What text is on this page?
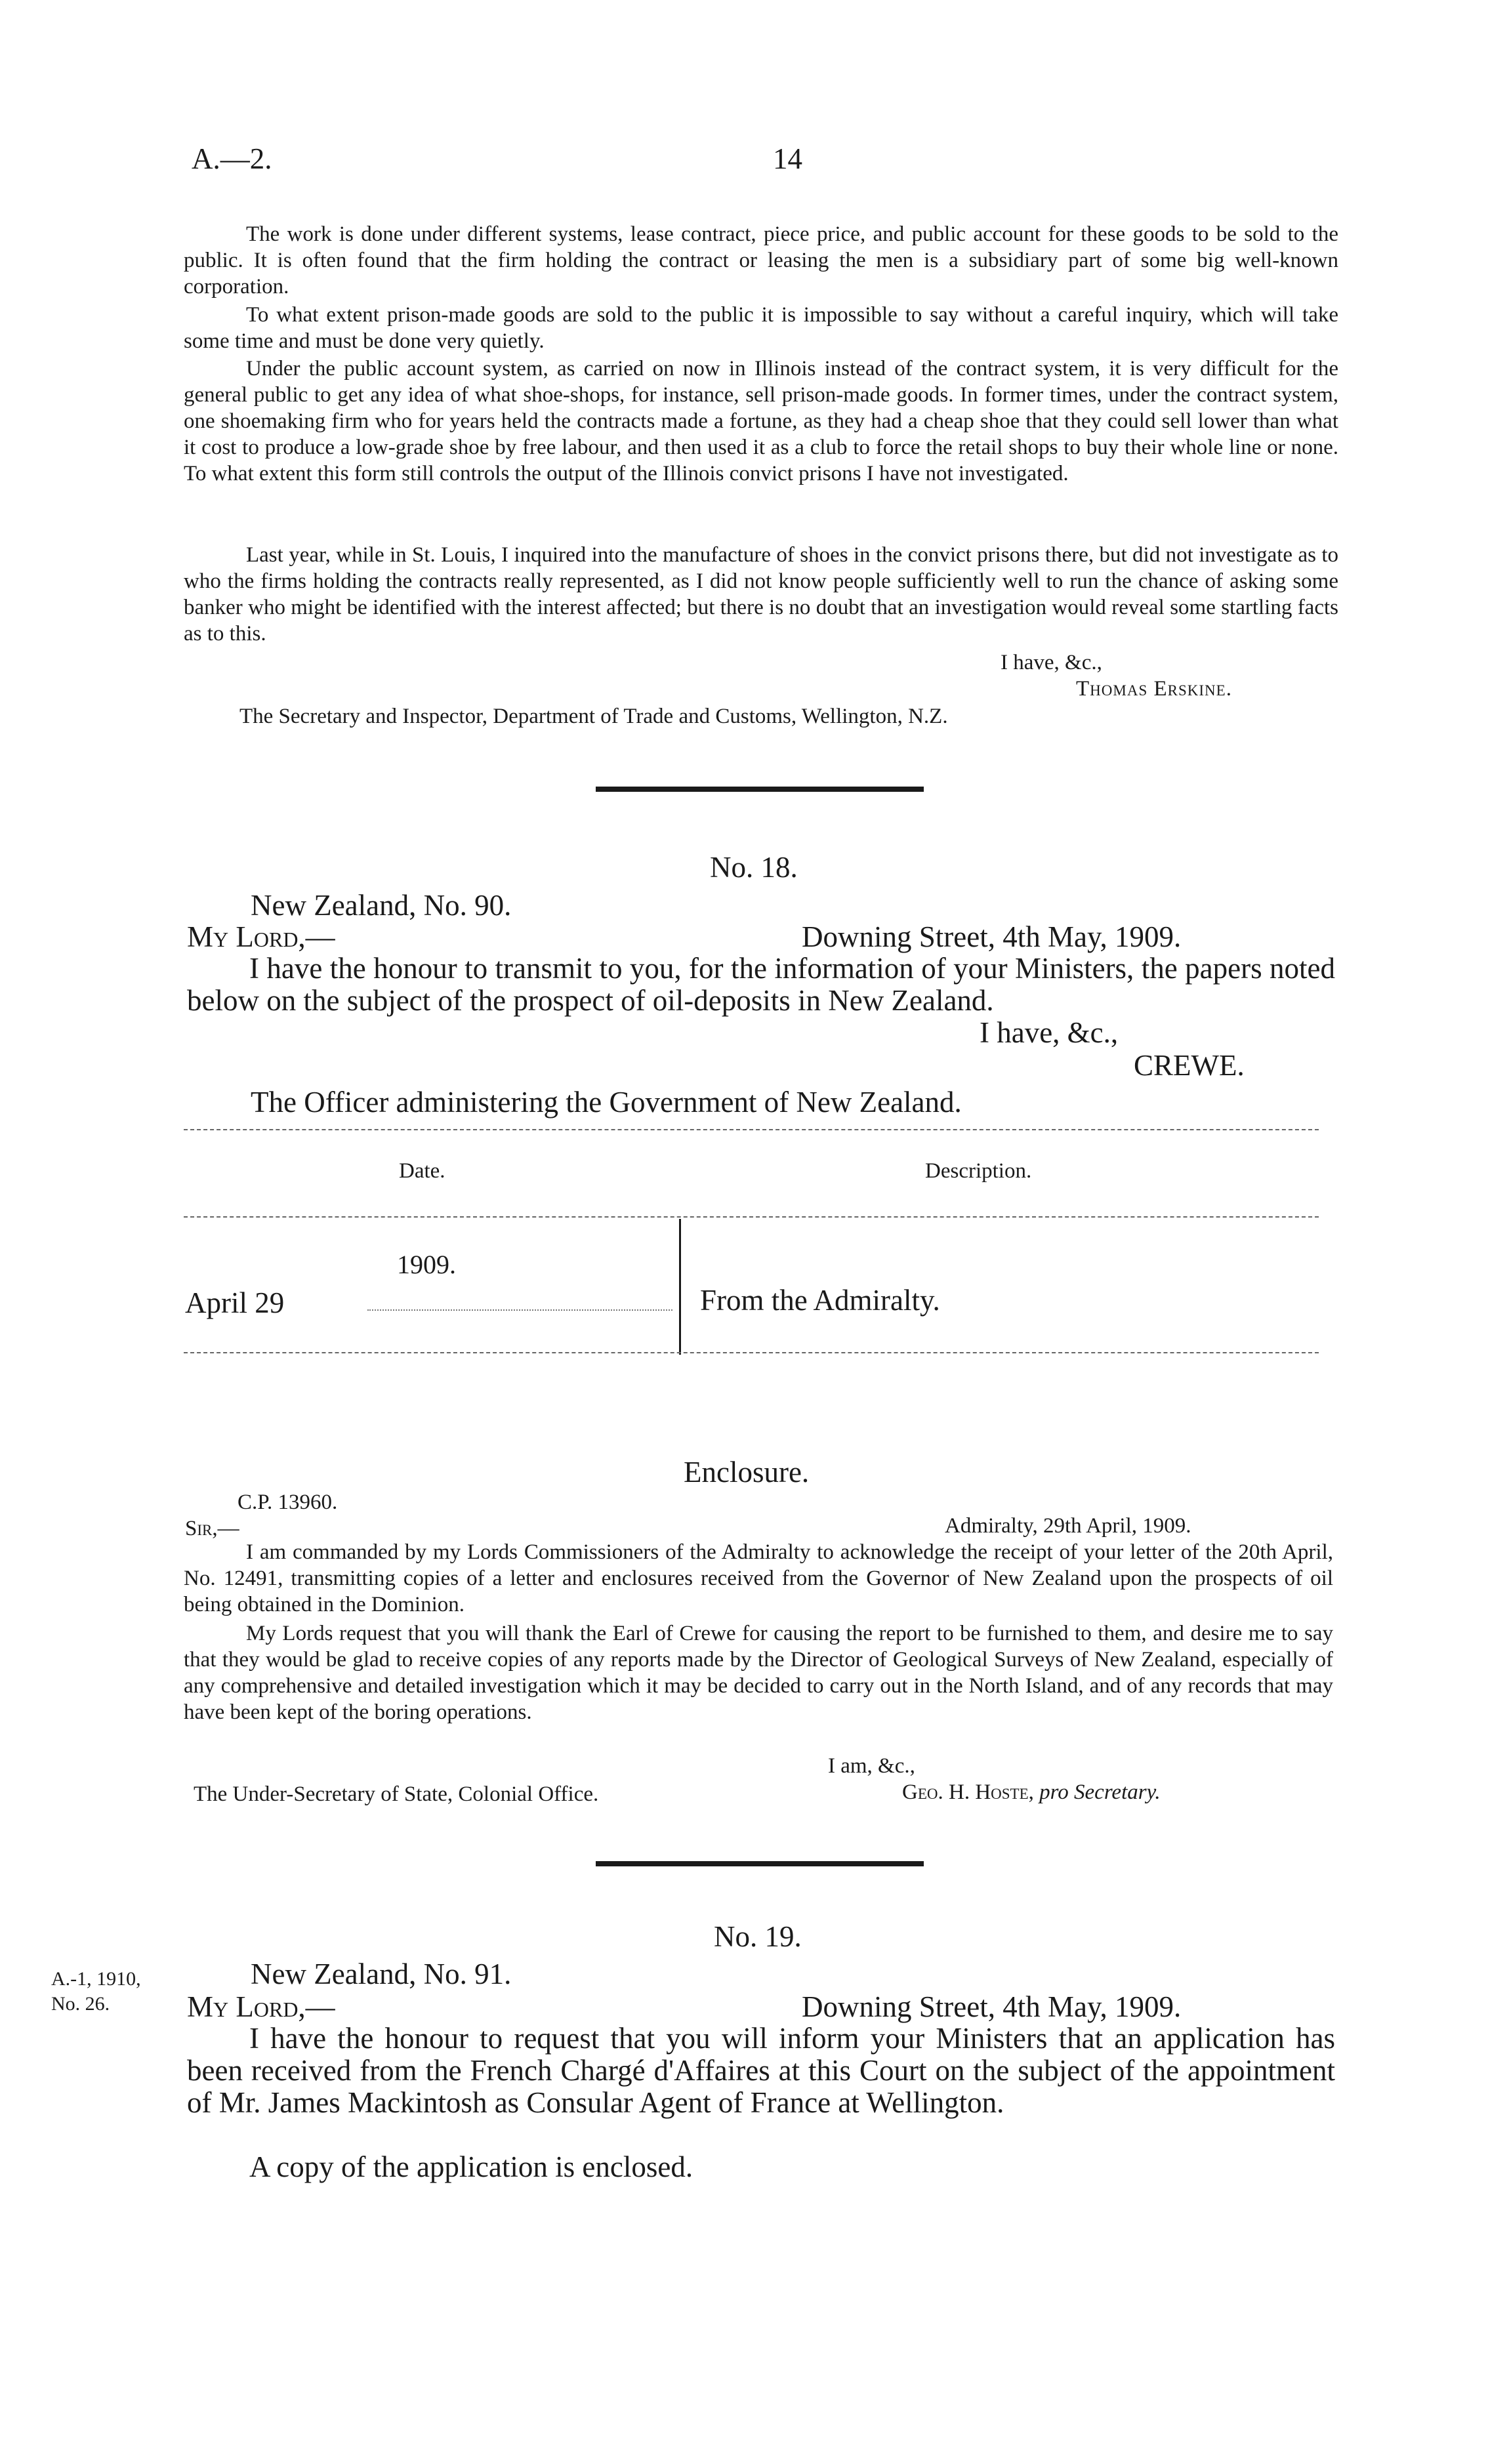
A.—2.	14
The work is done under different systems, lease contract, piece price, and public account for these goods to be sold to the public. It is often found that the firm holding the contract or leasing the men is a subsidiary part of some big well-known corporation.
To what extent prison-made goods are sold to the public it is impossible to say without a careful inquiry, which will take some time and must be done very quietly.
Under the public account system, as carried on now in Illinois instead of the contract system, it is very difficult for the general public to get any idea of what shoe-shops, for instance, sell prison-made goods. In former times, under the contract system, one shoemaking firm who for years held the contracts made a fortune, as they had a cheap shoe that they could sell lower than what it cost to produce a low-grade shoe by free labour, and then used it as a club to force the retail shops to buy their whole line or none. To what extent this form still controls the output of the Illinois convict prisons I have not investigated.
Last year, while in St. Louis, I inquired into the manufacture of shoes in the convict prisons there, but did not investigate as to who the firms holding the contracts really represented, as I did not know people sufficiently well to run the chance of asking some banker who might be identified with the interest affected; but there is no doubt that an investigation would reveal some startling facts as to this.
I have, &c.,
Thomas Erskine.
The Secretary and Inspector, Department of Trade and Customs, Wellington, N.Z.
No. 18.
New Zealand, No. 90.
My Lord,—	Downing Street, 4th May, 1909.
I have the honour to transmit to you, for the information of your Ministers, the papers noted below on the subject of the prospect of oil-deposits in New Zealand.
I have, &c.,
CREWE.
The Officer administering the Government of New Zealand.
Date.	Description.
1909.
April 29	From the Admiralty.
Enclosure.
C.P. 13960.
Sir,—	Admiralty, 29th April, 1909.
I am commanded by my Lords Commissioners of the Admiralty to acknowledge the receipt of your letter of the 20th April, No. 12491, transmitting copies of a letter and enclosures received from the Governor of New Zealand upon the prospects of oil being obtained in the Dominion.
My Lords request that you will thank the Earl of Crewe for causing the report to be furnished to them, and desire me to say that they would be glad to receive copies of any reports made by the Director of Geological Surveys of New Zealand, especially of any comprehensive and detailed investigation which it may be decided to carry out in the North Island, and of any records that may have been kept of the boring operations.
I am, &c.,
The Under-Secretary of State, Colonial Office.	Geo. H. Hoste, pro Secretary.
No. 19.
A.-1, 1910,
No. 26.
New Zealand, No. 91.
My Lord,—	Downing Street, 4th May, 1909.
I have the honour to request that you will inform your Ministers that an application has been received from the French Chargé d'Affaires at this Court on the subject of the appointment of Mr. James Mackintosh as Consular Agent of France at Wellington.
A copy of the application is enclosed.
